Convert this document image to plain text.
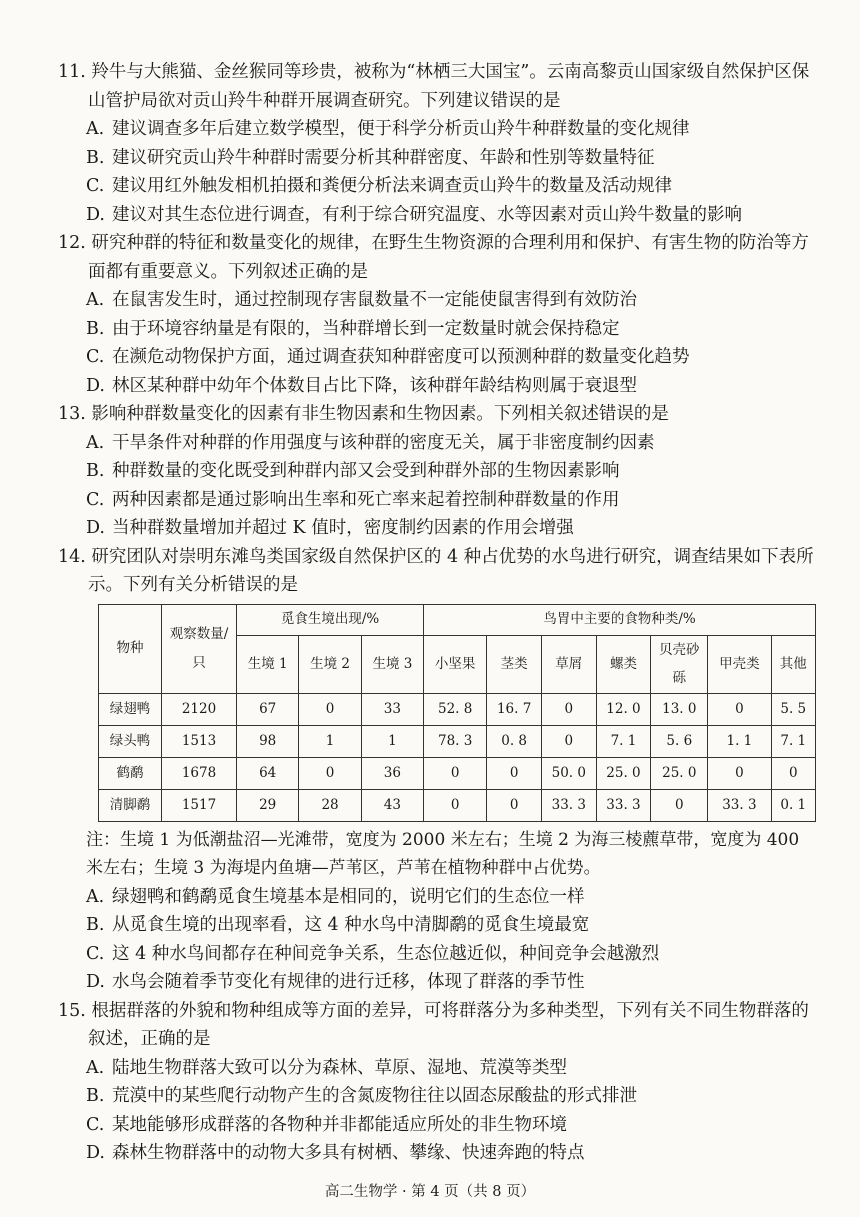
11. 羚牛与大熊猫、金丝猴同等珍贵，被称为“林栖三大国宝”。云南高黎贡山国家级自然保护区保山管护局欲对贡山羚牛种群开展调查研究。下列建议错误的是

A. 建议调查多年后建立数学模型，便于科学分析贡山羚牛种群数量的变化规律

B. 建议研究贡山羚牛种群时需要分析其种群密度、年龄和性别等数量特征

C. 建议用红外触发相机拍摄和粪便分析法来调查贡山羚牛的数量及活动规律

D. 建议对其生态位进行调查，有利于综合研究温度、水等因素对贡山羚牛数量的影响

12. 研究种群的特征和数量变化的规律，在野生生物资源的合理利用和保护、有害生物的防治等方面都有重要意义。下列叙述正确的是

A. 在鼠害发生时，通过控制现存害鼠数量不一定能使鼠害得到有效防治

B. 由于环境容纳量是有限的，当种群增长到一定数量时就会保持稳定

C. 在濒危动物保护方面，通过调查获知种群密度可以预测种群的数量变化趋势

D. 林区某种群中幼年个体数目占比下降，该种群年龄结构则属于衰退型

13. 影响种群数量变化的因素有非生物因素和生物因素。下列相关叙述错误的是

A. 干旱条件对种群的作用强度与该种群的密度无关，属于非密度制约因素

B. 种群数量的变化既受到种群内部又会受到种群外部的生物因素影响

C. 两种因素都是通过影响出生率和死亡率来起着控制种群数量的作用

D. 当种群数量增加并超过 K 值时，密度制约因素的作用会增强

14. 研究团队对崇明东滩鸟类国家级自然保护区的 4 种占优势的水鸟进行研究，调查结果如下表所示。下列有关分析错误的是

物种	观察数量/只	觅食生境出现/%			鸟胃中主要的食物种类/%						
		生境 1	生境 2	生境 3	小坚果	茎类	草屑	螺类	贝壳砂砾	甲壳类	其他
绿翅鸭	2120	67	0	33	52. 8	16. 7	0	12. 0	13. 0	0	5. 5
绿头鸭	1513	98	1	1	78. 3	0. 8	0	7. 1	5. 6	1. 1	7. 1
鹤鹬	1678	64	0	36	0	0	50. 0	25. 0	25. 0	0	0
清脚鹬	1517	29	28	43	0	0	33. 3	33. 3	0	33. 3	0. 1

注：生境 1 为低潮盐沼—光滩带，宽度为 2000 米左右；生境 2 为海三棱藨草带，宽度为 400 米左右；生境 3 为海堤内鱼塘—芦苇区，芦苇在植物种群中占优势。

A. 绿翅鸭和鹤鹬觅食生境基本是相同的，说明它们的生态位一样

B. 从觅食生境的出现率看，这 4 种水鸟中清脚鹬的觅食生境最宽

C. 这 4 种水鸟间都存在种间竞争关系，生态位越近似，种间竞争会越激烈

D. 水鸟会随着季节变化有规律的进行迁移，体现了群落的季节性

15. 根据群落的外貌和物种组成等方面的差异，可将群落分为多种类型，下列有关不同生物群落的叙述，正确的是

A. 陆地生物群落大致可以分为森林、草原、湿地、荒漠等类型

B. 荒漠中的某些爬行动物产生的含氮废物往往以固态尿酸盐的形式排泄

C. 某地能够形成群落的各物种并非都能适应所处的非生物环境

D. 森林生物群落中的动物大多具有树栖、攀缘、快速奔跑的特点

高二生物学 · 第 4 页（共 8 页）
